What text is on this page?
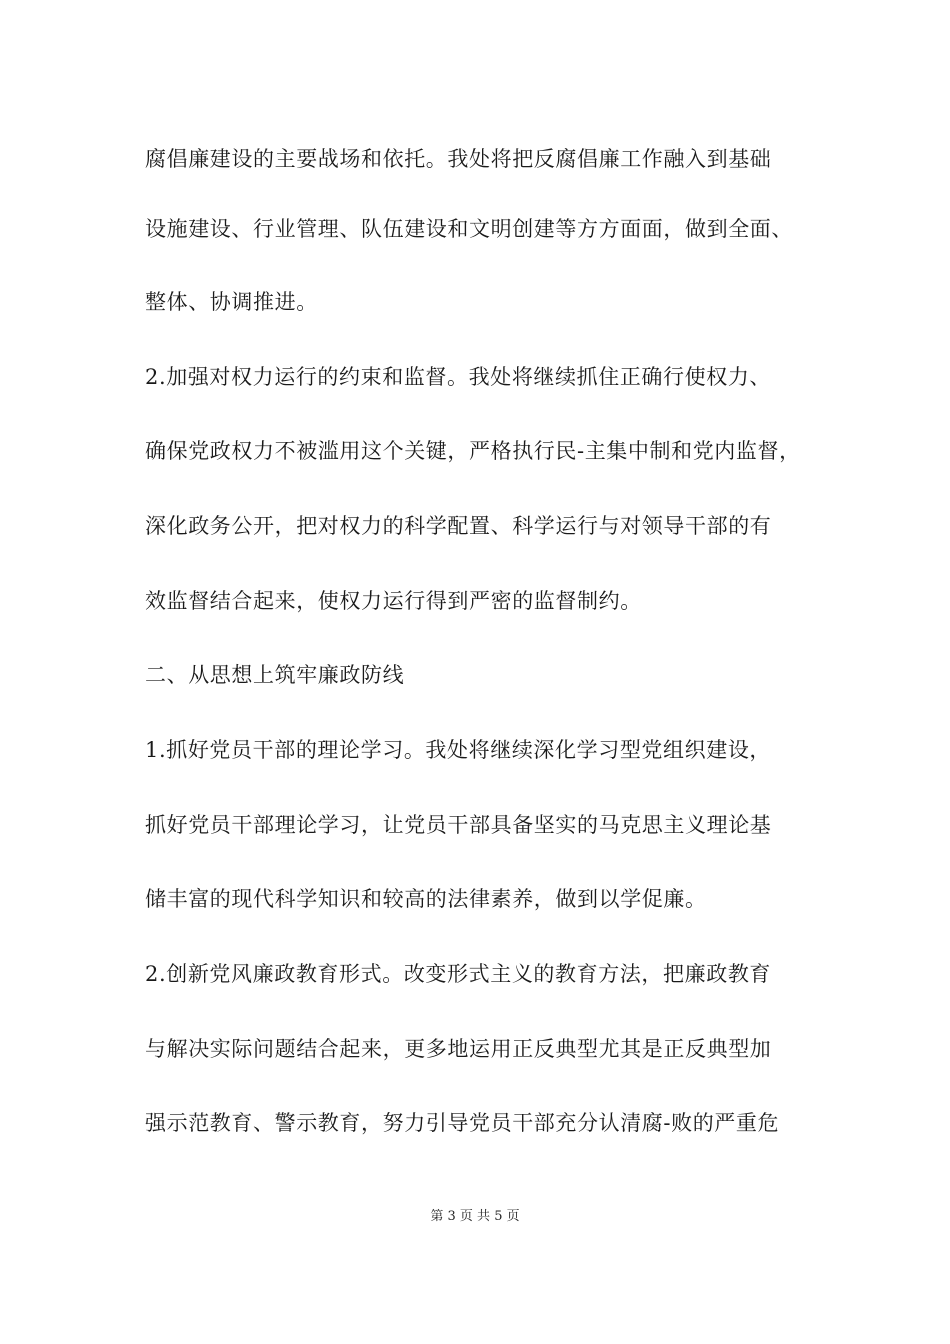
腐倡廉建设的主要战场和依托。我处将把反腐倡廉工作融入到基础
设施建设、行业管理、队伍建设和文明创建等方方面面，做到全面、
整体、协调推进。
2.加强对权力运行的约束和监督。我处将继续抓住正确行使权力、
确保党政权力不被滥用这个关键，严格执行民-主集中制和党内监督，
深化政务公开，把对权力的科学配置、科学运行与对领导干部的有
效监督结合起来，使权力运行得到严密的监督制约。
二、从思想上筑牢廉政防线
1.抓好党员干部的理论学习。我处将继续深化学习型党组织建设，
抓好党员干部理论学习，让党员干部具备坚实的马克思主义理论基
储丰富的现代科学知识和较高的法律素养，做到以学促廉。
2.创新党风廉政教育形式。改变形式主义的教育方法，把廉政教育
与解决实际问题结合起来，更多地运用正反典型尤其是正反典型加
强示范教育、警示教育，努力引导党员干部充分认清腐-败的严重危
第 3 页 共 5 页
